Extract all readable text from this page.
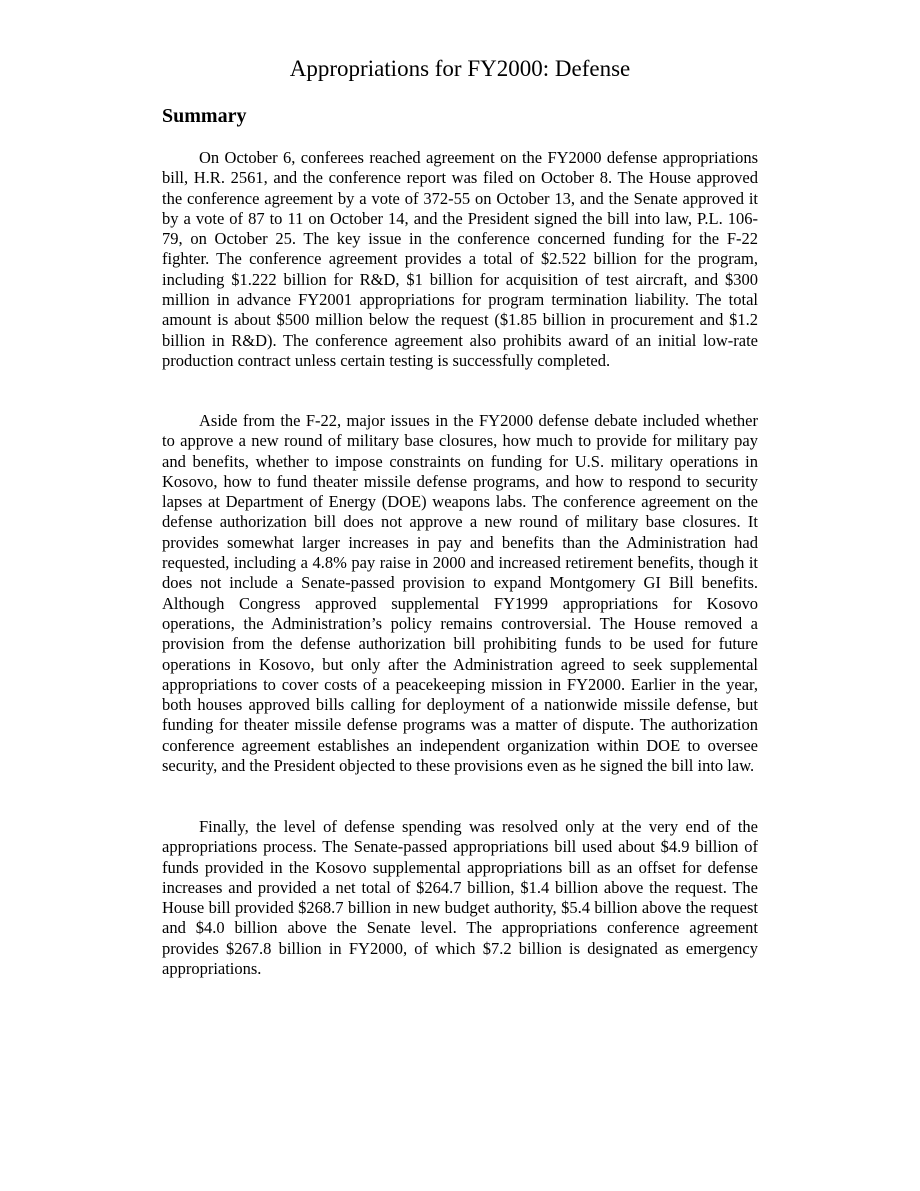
Appropriations for FY2000: Defense
Summary

On October 6, conferees reached agreement on the FY2000 defense appropriations bill, H.R. 2561, and the conference report was filed on October 8. The House approved the conference agreement by a vote of 372-55 on October 13, and the Senate approved it by a vote of 87 to 11 on October 14, and the President signed the bill into law, P.L. 106-79, on October 25. The key issue in the conference concerned funding for the F-22 fighter. The conference agreement provides a total of $2.522 billion for the program, including $1.222 billion for R&D, $1 billion for acquisition of test aircraft, and $300 million in advance FY2001 appropriations for program termination liability. The total amount is about $500 million below the request ($1.85 billion in procurement and $1.2 billion in R&D). The conference agreement also prohibits award of an initial low-rate production contract unless certain testing is successfully completed.

Aside from the F-22, major issues in the FY2000 defense debate included whether to approve a new round of military base closures, how much to provide for military pay and benefits, whether to impose constraints on funding for U.S. military operations in Kosovo, how to fund theater missile defense programs, and how to respond to security lapses at Department of Energy (DOE) weapons labs. The conference agreement on the defense authorization bill does not approve a new round of military base closures. It provides somewhat larger increases in pay and benefits than the Administration had requested, including a 4.8% pay raise in 2000 and increased retirement benefits, though it does not include a Senate-passed provision to expand Montgomery GI Bill benefits. Although Congress approved supplemental FY1999 appropriations for Kosovo operations, the Administration’s policy remains controversial. The House removed a provision from the defense authorization bill prohibiting funds to be used for future operations in Kosovo, but only after the Administration agreed to seek supplemental appropriations to cover costs of a peacekeeping mission in FY2000. Earlier in the year, both houses approved bills calling for deployment of a nationwide missile defense, but funding for theater missile defense programs was a matter of dispute. The authorization conference agreement establishes an independent organization within DOE to oversee security, and the President objected to these provisions even as he signed the bill into law.

Finally, the level of defense spending was resolved only at the very end of the appropriations process. The Senate-passed appropriations bill used about $4.9 billion of funds provided in the Kosovo supplemental appropriations bill as an offset for defense increases and provided a net total of $264.7 billion, $1.4 billion above the request. The House bill provided $268.7 billion in new budget authority, $5.4 billion above the request and $4.0 billion above the Senate level. The appropriations conference agreement provides $267.8 billion in FY2000, of which $7.2 billion is designated as emergency appropriations.
